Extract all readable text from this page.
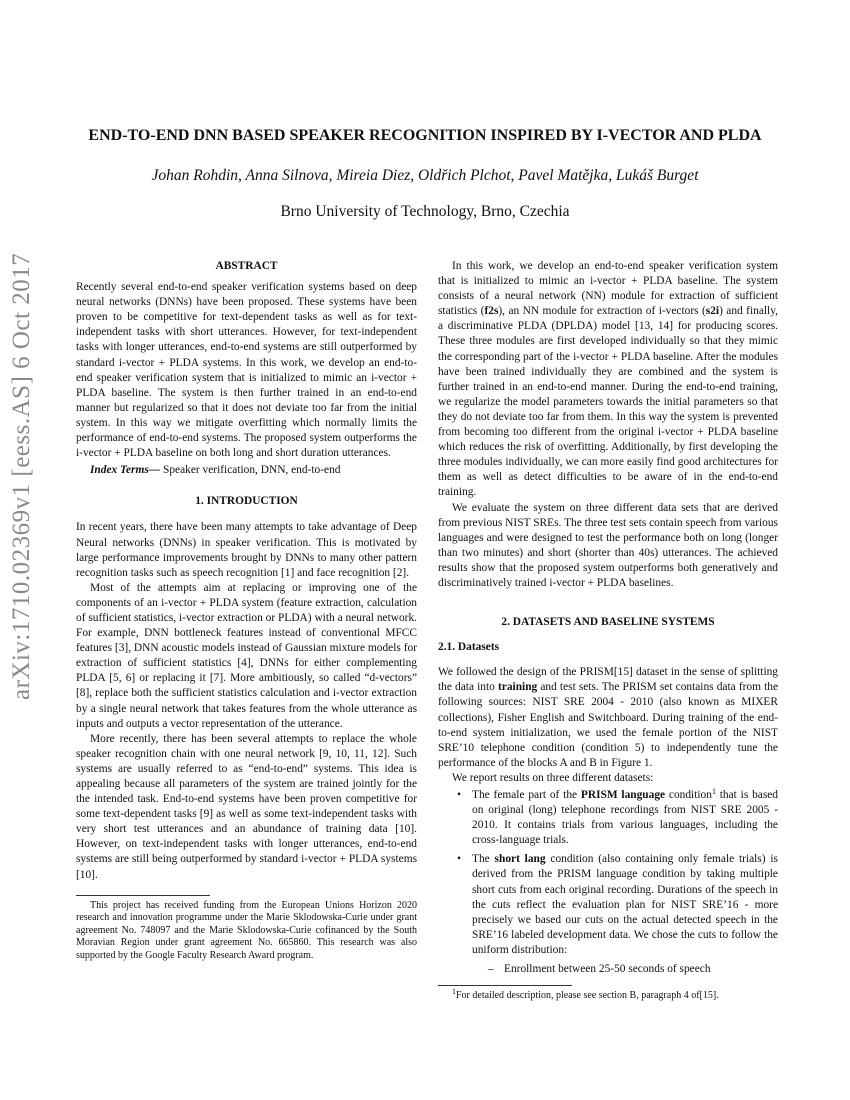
arXiv:1710.02369v1 [eess.AS] 6 Oct 2017
END-TO-END DNN BASED SPEAKER RECOGNITION INSPIRED BY I-VECTOR AND PLDA
Johan Rohdin, Anna Silnova, Mireia Diez, Oldřich Plchot, Pavel Matějka, Lukáš Burget
Brno University of Technology, Brno, Czechia
ABSTRACT

Recently several end-to-end speaker verification systems based on deep neural networks (DNNs) have been proposed. These systems have been proven to be competitive for text-dependent tasks as well as for text-independent tasks with short utterances. However, for text-independent tasks with longer utterances, end-to-end systems are still outperformed by standard i-vector + PLDA systems. In this work, we develop an end-to-end speaker verification system that is initialized to mimic an i-vector + PLDA baseline. The system is then further trained in an end-to-end manner but regularized so that it does not deviate too far from the initial system. In this way we mitigate overfitting which normally limits the performance of end-to-end systems. The proposed system outperforms the i-vector + PLDA baseline on both long and short duration utterances.

Index Terms— Speaker verification, DNN, end-to-end

1. INTRODUCTION

In recent years, there have been many attempts to take advantage of Deep Neural networks (DNNs) in speaker verification. This is motivated by large performance improvements brought by DNNs to many other pattern recognition tasks such as speech recognition [1] and face recognition [2].

Most of the attempts aim at replacing or improving one of the components of an i-vector + PLDA system (feature extraction, calculation of sufficient statistics, i-vector extraction or PLDA) with a neural network. For example, DNN bottleneck features instead of conventional MFCC features [3], DNN acoustic models instead of Gaussian mixture models for extraction of sufficient statistics [4], DNNs for either complementing PLDA [5, 6] or replacing it [7]. More ambitiously, so called “d-vectors” [8], replace both the sufficient statistics calculation and i-vector extraction by a single neural network that takes features from the whole utterance as inputs and outputs a vector representation of the utterance.

More recently, there has been several attempts to replace the whole speaker recognition chain with one neural network [9, 10, 11, 12]. Such systems are usually referred to as “end-to-end” systems. This idea is appealing because all parameters of the system are trained jointly for the the intended task. End-to-end systems have been proven competitive for some text-dependent tasks [9] as well as some text-independent tasks with very short test utterances and an abundance of training data [10]. However, on text-independent tasks with longer utterances, end-to-end systems are still being outperformed by standard i-vector + PLDA systems [10].

This project has received funding from the European Unions Horizon 2020 research and innovation programme under the Marie Sklodowska-Curie under grant agreement No. 748097 and the Marie Sklodowska-Curie cofinanced by the South Moravian Region under grant agreement No. 665860. This research was also supported by the Google Faculty Research Award program.

In this work, we develop an end-to-end speaker verification system that is initialized to mimic an i-vector + PLDA baseline. The system consists of a neural network (NN) module for extraction of sufficient statistics (f2s), an NN module for extraction of i-vectors (s2i) and finally, a discriminative PLDA (DPLDA) model [13, 14] for producing scores. These three modules are first developed individually so that they mimic the corresponding part of the i-vector + PLDA baseline. After the modules have been trained individually they are combined and the system is further trained in an end-to-end manner. During the end-to-end training, we regularize the model parameters towards the initial parameters so that they do not deviate too far from them. In this way the system is prevented from becoming too different from the original i-vector + PLDA baseline which reduces the risk of overfitting. Additionally, by first developing the three modules individually, we can more easily find good architectures for them as well as detect difficulties to be aware of in the end-to-end training.

We evaluate the system on three different data sets that are derived from previous NIST SREs. The three test sets contain speech from various languages and were designed to test the performance both on long (longer than two minutes) and short (shorter than 40s) utterances. The achieved results show that the proposed system outperforms both generatively and discriminatively trained i-vector + PLDA baselines.

2. DATASETS AND BASELINE SYSTEMS
2.1. Datasets

We followed the design of the PRISM[15] dataset in the sense of splitting the data into training and test sets. The PRISM set contains data from the following sources: NIST SRE 2004 - 2010 (also known as MIXER collections), Fisher English and Switchboard. During training of the end-to-end system initialization, we used the female portion of the NIST SRE’10 telephone condition (condition 5) to independently tune the performance of the blocks A and B in Figure 1.

We report results on three different datasets:

• The female part of the PRISM language condition$^1$ that is based on original (long) telephone recordings from NIST SRE 2005 - 2010. It contains trials from various languages, including the cross-language trials.
• The short lang condition (also containing only female trials) is derived from the PRISM language condition by taking multiple short cuts from each original recording. Durations of the speech in the cuts reflect the evaluation plan for NIST SRE’16 - more precisely we based our cuts on the actual detected speech in the SRE’16 labeled development data. We chose the cuts to follow the uniform distribution:
– Enrollment between 25-50 seconds of speech

$^1$For detailed description, please see section B, paragraph 4 of[15].
